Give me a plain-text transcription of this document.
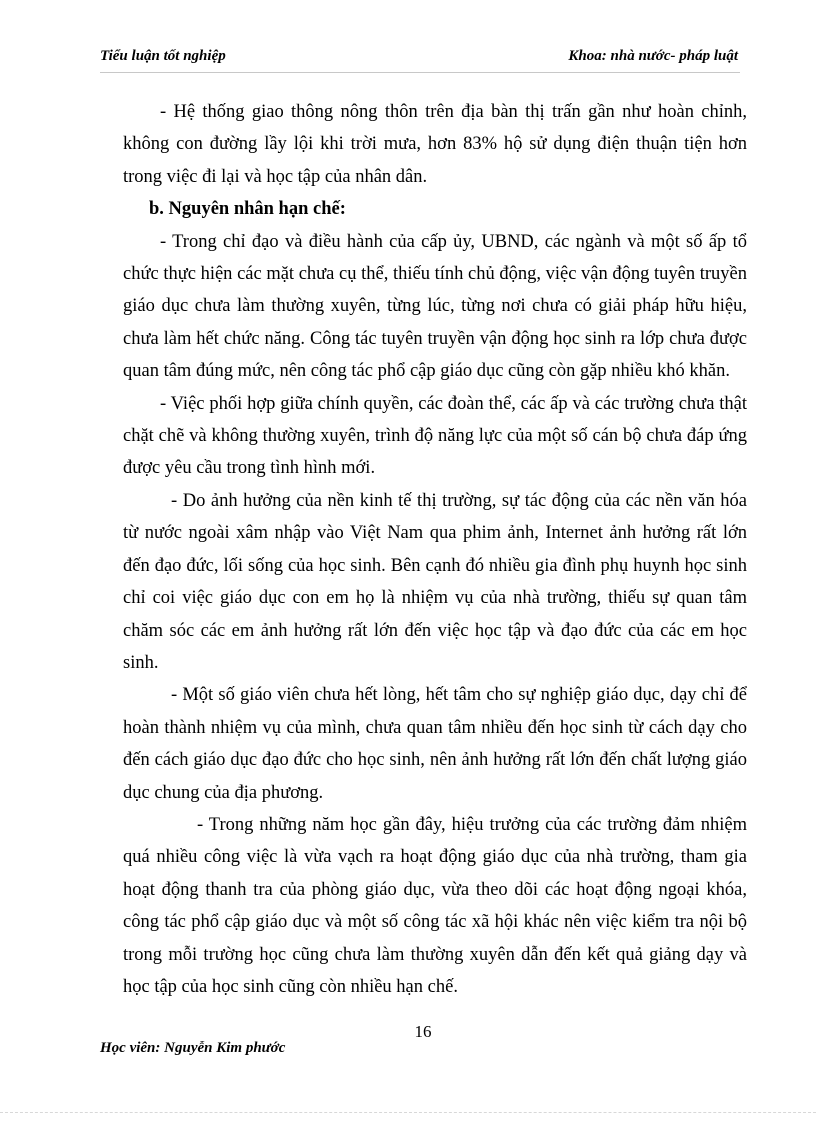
Tiểu luận tốt nghiệp	Khoa: nhà nước- pháp luật

- Hệ thống giao thông nông thôn trên địa bàn thị trấn gần như hoàn chỉnh, không con đường lầy lội khi trời mưa, hơn 83% hộ sử dụng điện thuận tiện hơn trong việc đi lại và học tập của nhân dân.

b. Nguyên nhân hạn chế:

- Trong chỉ đạo và điều hành của cấp ủy, UBND, các ngành và một số ấp tổ chức thực hiện các mặt chưa cụ thể, thiếu tính chủ động, việc vận động tuyên truyền giáo dục chưa làm thường xuyên, từng lúc, từng nơi chưa có giải pháp hữu hiệu, chưa làm hết chức năng. Công tác tuyên truyền vận động học sinh ra lớp chưa được quan tâm đúng mức, nên công tác phổ cập giáo dục cũng còn gặp nhiều khó khăn.

- Việc phối hợp giữa chính quyền, các đoàn thể, các ấp và các trường chưa thật chặt chẽ và không thường xuyên, trình độ năng lực của một số cán bộ chưa đáp ứng được yêu cầu trong tình hình mới.

- Do ảnh hưởng của nền kinh tế thị trường, sự tác động của các nền văn hóa từ nước ngoài xâm nhập vào Việt Nam qua phim ảnh, Internet ảnh hưởng rất lớn đến đạo đức, lối sống của học sinh. Bên cạnh đó nhiều gia đình phụ huynh học sinh chỉ coi việc giáo dục con em họ là nhiệm vụ của nhà trường, thiếu sự quan tâm chăm sóc các em ảnh hưởng rất lớn đến việc học tập và đạo đức của các em học sinh.

- Một số giáo viên chưa hết lòng, hết tâm cho sự nghiệp giáo dục, dạy chỉ để hoàn thành nhiệm vụ của mình, chưa quan tâm nhiều đến học sinh từ cách dạy cho đến cách giáo dục đạo đức cho học sinh, nên ảnh hưởng rất lớn đến chất lượng giáo dục chung của địa phương.

- Trong những năm học gần đây, hiệu trưởng của các trường đảm nhiệm quá nhiều công việc là vừa vạch ra hoạt động giáo dục của nhà trường, tham gia hoạt động thanh tra của phòng giáo dục, vừa theo dõi các hoạt động ngoại khóa, công tác phổ cập giáo dục và một số công tác xã hội khác nên việc kiểm tra nội bộ trong mỗi trường học cũng chưa làm thường xuyên dẫn đến kết quả giảng dạy và học tập của học sinh cũng còn nhiều hạn chế.

16
Học viên: Nguyễn Kim phước
